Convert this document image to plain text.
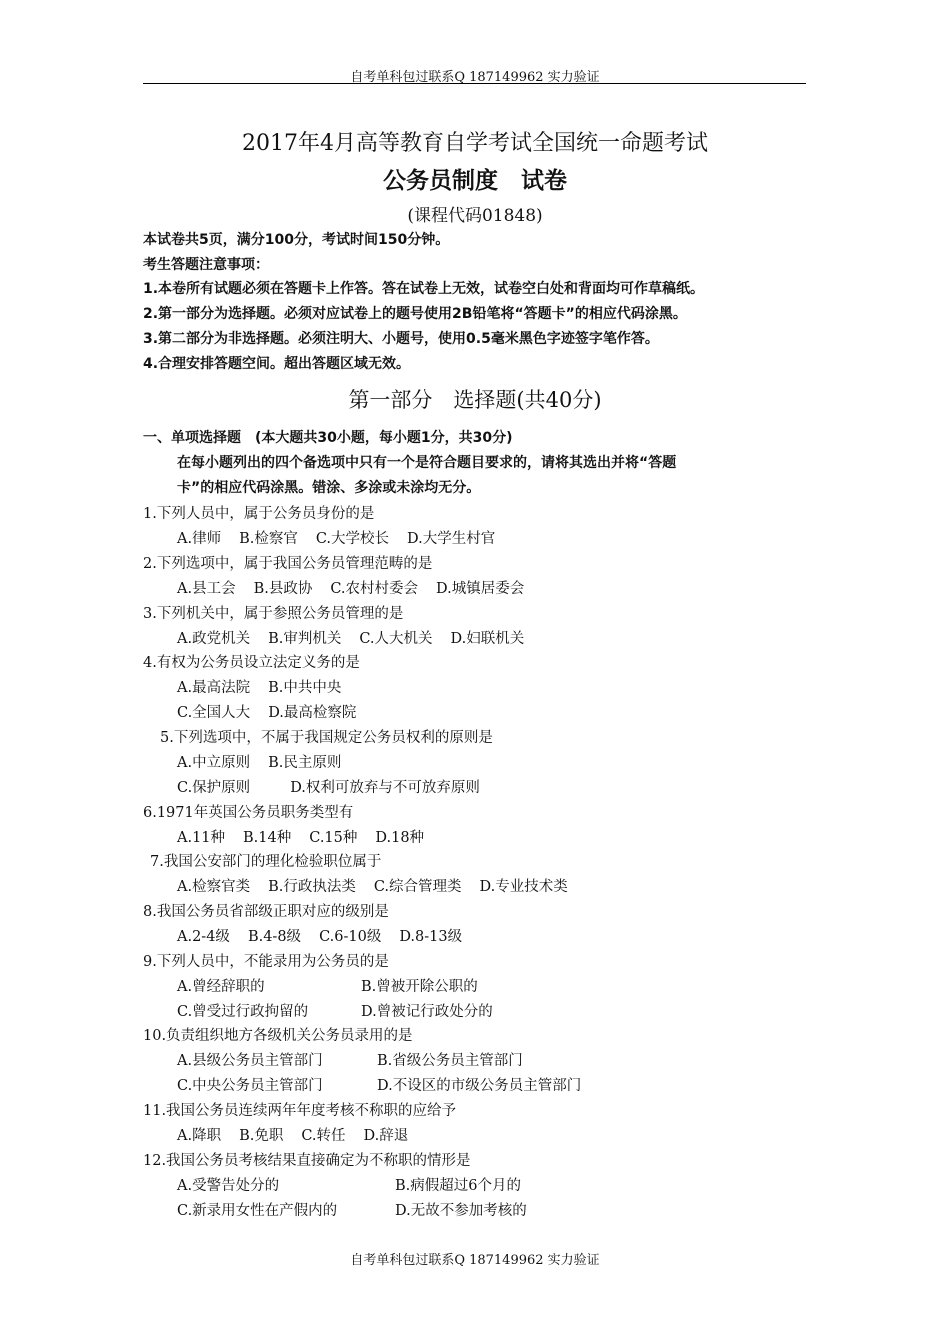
自考单科包过联系Q 187149962 实力验证
2017年4月高等教育自学考试全国统一命题考试
公务员制度　试卷
(课程代码01848)
本试卷共5页，满分100分，考试时间150分钟。
考生答题注意事项：
1.本卷所有试题必须在答题卡上作答。答在试卷上无效，试卷空白处和背面均可作草稿纸。
2.第一部分为选择题。必须对应试卷上的题号使用2B铅笔将“答题卡”的相应代码涂黑。
3.第二部分为非选择题。必须注明大、小题号，使用0.5毫米黑色字迹签字笔作答。
4.合理安排答题空间。超出答题区域无效。
第一部分　选择题(共40分)
一、单项选择题　(本大题共30小题，每小题1分，共30分)
在每小题列出的四个备选项中只有一个是符合题目要求的，请将其选出并将“答题
卡”的相应代码涂黑。错涂、多涂或未涂均无分。
1.下列人员中，属于公务员身份的是
A.律师 B.检察官 C.大学校长 D.大学生村官
2.下列选项中，属于我国公务员管理范畴的是
A.县工会 B.县政协 C.农村村委会 D.城镇居委会
3.下列机关中，属于参照公务员管理的是
A.政党机关 B.审判机关 C.人大机关 D.妇联机关
4.有权为公务员设立法定义务的是
A.最高法院 B.中共中央
C.全国人大 D.最高检察院
5.下列选项中，不属于我国规定公务员权利的原则是
A.中立原则 B.民主原则
C.保护原则	D.权利可放弃与不可放弃原则
6.1971年英国公务员职务类型有
A.11种 B.14种 C.15种 D.18种
7.我国公安部门的理化检验职位属于
A.检察官类 B.行政执法类 C.综合管理类 D.专业技术类
8.我国公务员省部级正职对应的级别是
A.2-4级 B.4-8级 C.6-10级 D.8-13级
9.下列人员中，不能录用为公务员的是
A.曾经辞职的	B.曾被开除公职的
C.曾受过行政拘留的	D.曾被记行政处分的
10.负责组织地方各级机关公务员录用的是
A.县级公务员主管部门	B.省级公务员主管部门
C.中央公务员主管部门	D.不设区的市级公务员主管部门
11.我国公务员连续两年年度考核不称职的应给予
A.降职 B.免职 C.转任 D.辞退
12.我国公务员考核结果直接确定为不称职的情形是
A.受警告处分的	B.病假超过6个月的
C.新录用女性在产假内的	D.无故不参加考核的
自考单科包过联系Q 187149962 实力验证
